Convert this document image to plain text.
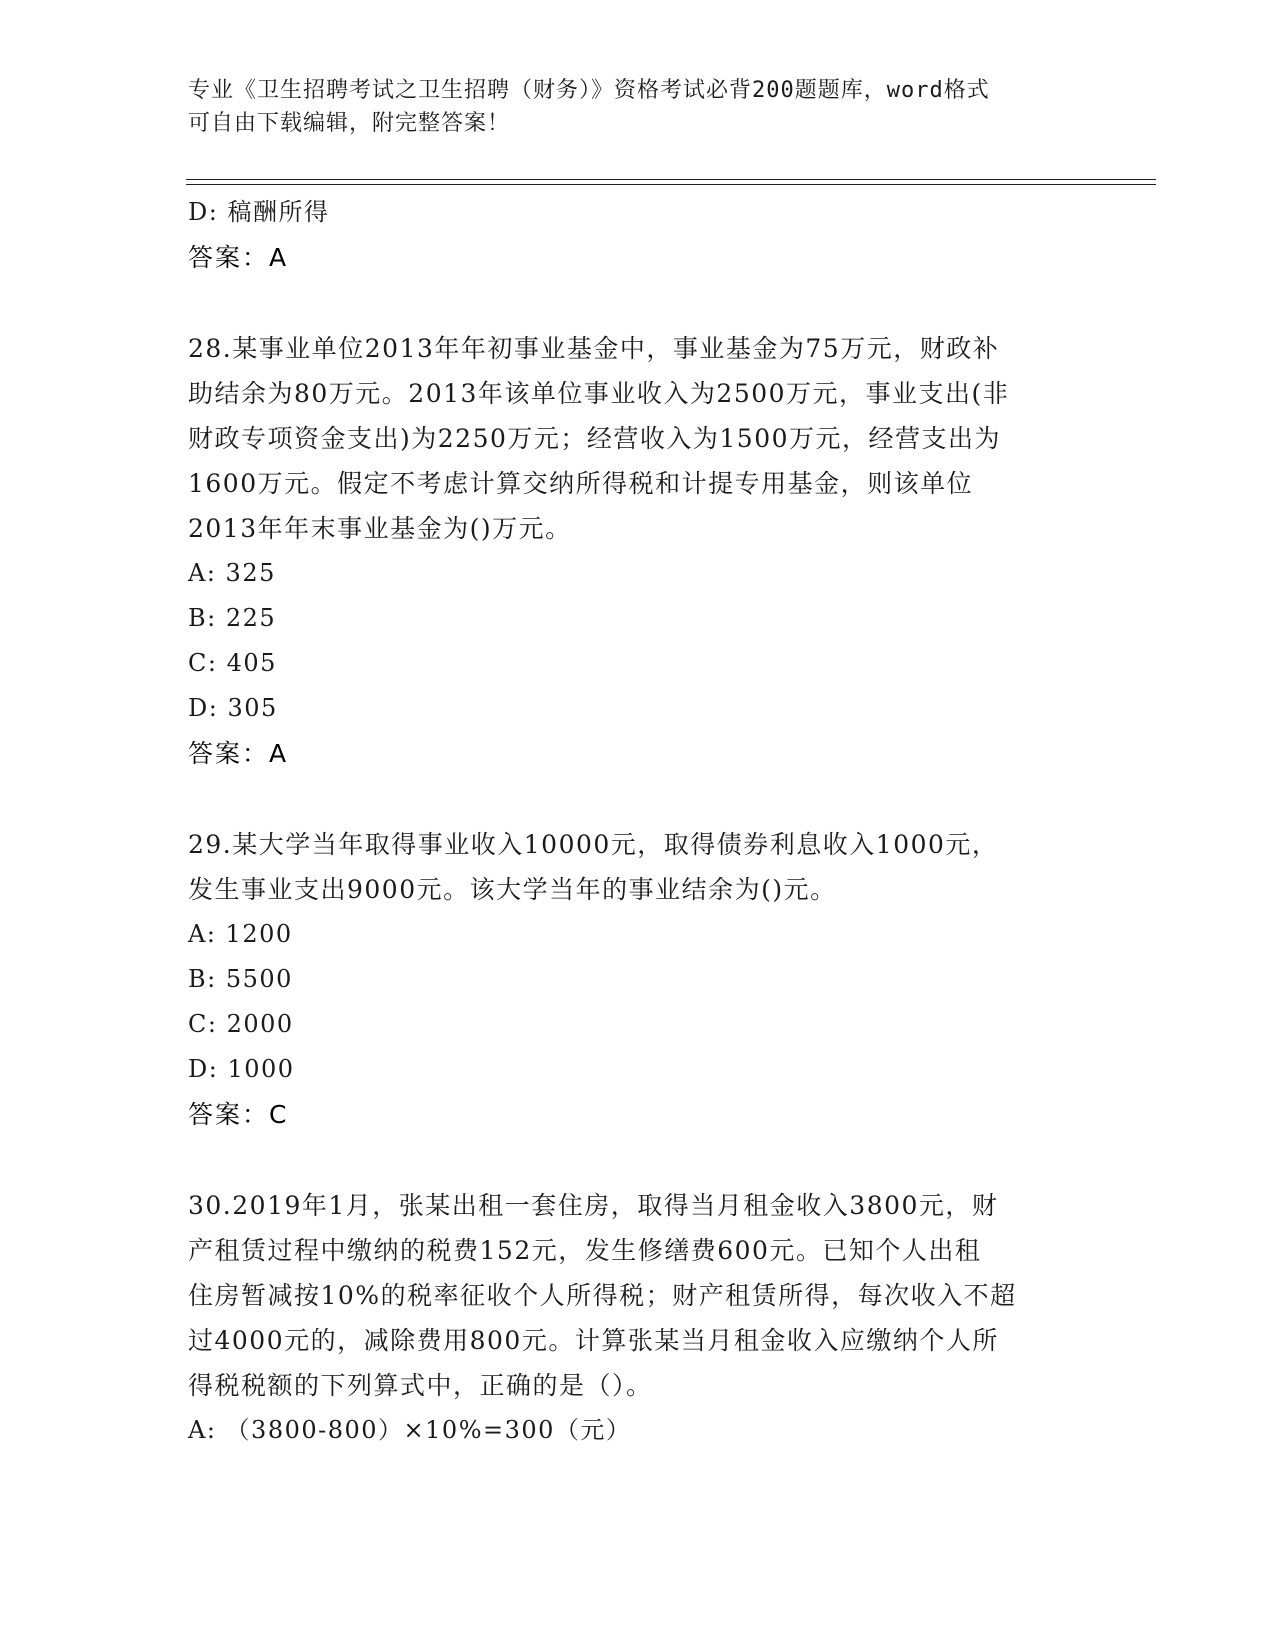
专业《卫生招聘考试之卫生招聘（财务）》资格考试必背200题题库，word格式
可自由下载编辑，附完整答案！
D: 稿酬所得
答案：A
28.某事业单位2013年年初事业基金中，事业基金为75万元，财政补
助结余为80万元。2013年该单位事业收入为2500万元，事业支出(非
财政专项资金支出)为2250万元；经营收入为1500万元，经营支出为
1600万元。假定不考虑计算交纳所得税和计提专用基金，则该单位
2013年年末事业基金为()万元。
A: 325
B: 225
C: 405
D: 305
答案：A
29.某大学当年取得事业收入10000元，取得债券利息收入1000元，
发生事业支出9000元。该大学当年的事业结余为()元。
A: 1200
B: 5500
C: 2000
D: 1000
答案：C
30.2019年1月，张某出租一套住房，取得当月租金收入3800元，财
产租赁过程中缴纳的税费152元，发生修缮费600元。已知个人出租
住房暂减按10%的税率征收个人所得税；财产租赁所得，每次收入不超
过4000元的，减除费用800元。计算张某当月租金收入应缴纳个人所
得税税额的下列算式中，正确的是（）。
A: （3800-800）×10%=300（元）
